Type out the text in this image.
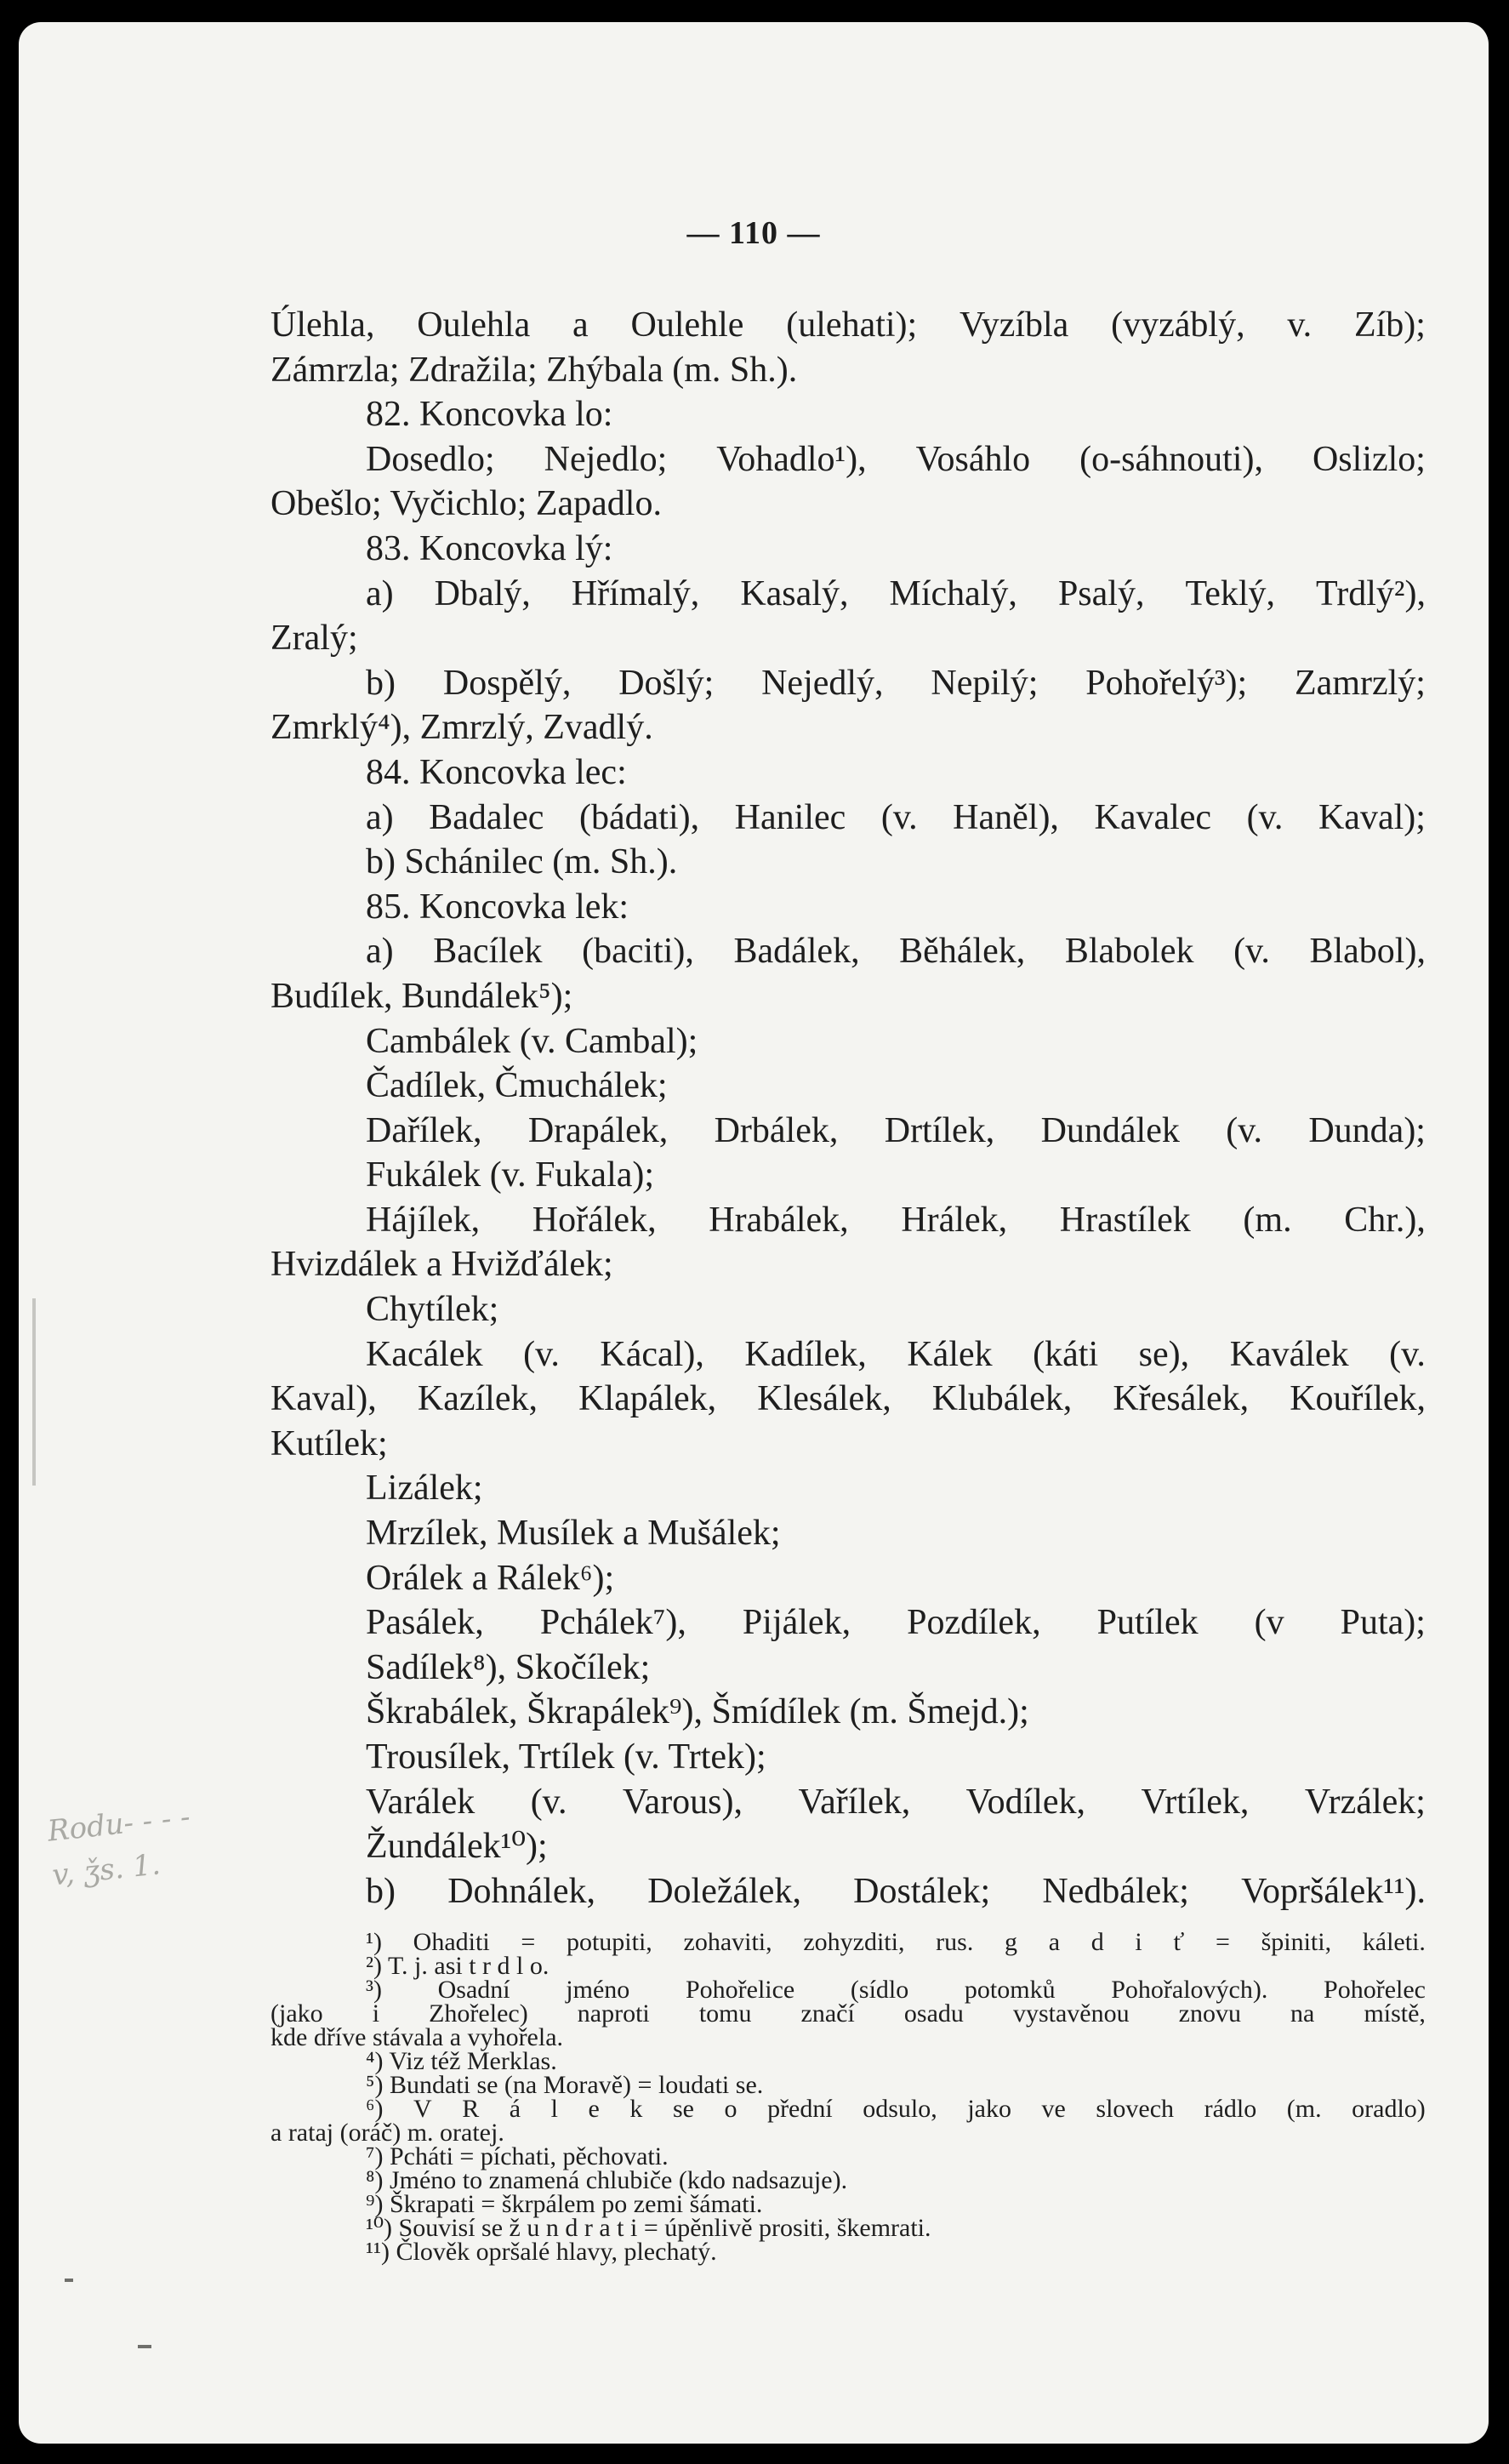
— 110 —
Úlehla, Oulehla a Oulehle (ulehati); Vyzíbla (vyzáblý, v. Zíb);
Zámrzla; Zdražila; Zhýbala (m. Sh.).
82. Koncovka lo:
Dosedlo; Nejedlo; Vohadlo¹), Vosáhlo (o-sáhnouti), Oslizlo;
Obešlo; Vyčichlo; Zapadlo.
83. Koncovka lý:
a) Dbalý, Hřímalý, Kasalý, Míchalý, Psalý, Teklý, Trdlý²),
Zralý;
b) Dospělý, Došlý; Nejedlý, Nepilý; Pohořelý³); Zamrzlý;
Zmrklý⁴), Zmrzlý, Zvadlý.
84. Koncovka lec:
a) Badalec (bádati), Hanilec (v. Haněl), Kavalec (v. Kaval);
b) Schánilec (m. Sh.).
85. Koncovka lek:
a) Bacílek (baciti), Badálek, Běhálek, Blabolek (v. Blabol),
Budílek, Bundálek⁵);
Cambálek (v. Cambal);
Čadílek, Čmuchálek;
Dařílek, Drapálek, Drbálek, Drtílek, Dundálek (v. Dunda);
Fukálek (v. Fukala);
Hájílek, Hořálek, Hrabálek, Hrálek, Hrastílek (m. Chr.),
Hvizdálek a Hvižďálek;
Chytílek;
Kacálek (v. Kácal), Kadílek, Kálek (káti se), Kaválek (v.
Kaval), Kazílek, Klapálek, Klesálek, Klubálek, Křesálek, Kouřílek,
Kutílek;
Lizálek;
Mrzílek, Musílek a Mušálek;
Orálek a Rálek⁶);
Pasálek, Pchálek⁷), Pijálek, Pozdílek, Putílek (v Puta);
Sadílek⁸), Skočílek;
Škrabálek, Škrapálek⁹), Šmídílek (m. Šmejd.);
Trousílek, Trtílek (v. Trtek);
Varálek (v. Varous), Vařílek, Vodílek, Vrtílek, Vrzálek;
Žundálek¹⁰);
b) Dohnálek, Doležálek, Dostálek; Nedbálek; Vopršálek¹¹).
¹) Ohaditi = potupiti, zohaviti, zohyzditi, rus. g a d i ť = špiniti, káleti.
²) T. j. asi t r d l o.
³) Osadní jméno Pohořelice (sídlo potomků Pohořalových). Pohořelec
(jako i Zhořelec) naproti tomu značí osadu vystavěnou znovu na místě,
kde dříve stávala a vyhořela.
⁴) Viz též Merklas.
⁵) Bundati se (na Moravě) = loudati se.
⁶) V R á l e k se o přední odsulo, jako ve slovech rádlo (m. oradlo)
a rataj (oráč) m. oratej.
⁷) Pcháti = píchati, pěchovati.
⁸) Jméno to znamená chlubiče (kdo nadsazuje).
⁹) Škrapati = škrpálem po zemi šámati.
¹⁰) Souvisí se ž u n d r a t i = úpěnlivě prositi, škemrati.
¹¹) Člověk opršalé hlavy, plechatý.
Rodu- - - -
v, ǯs. 1.
